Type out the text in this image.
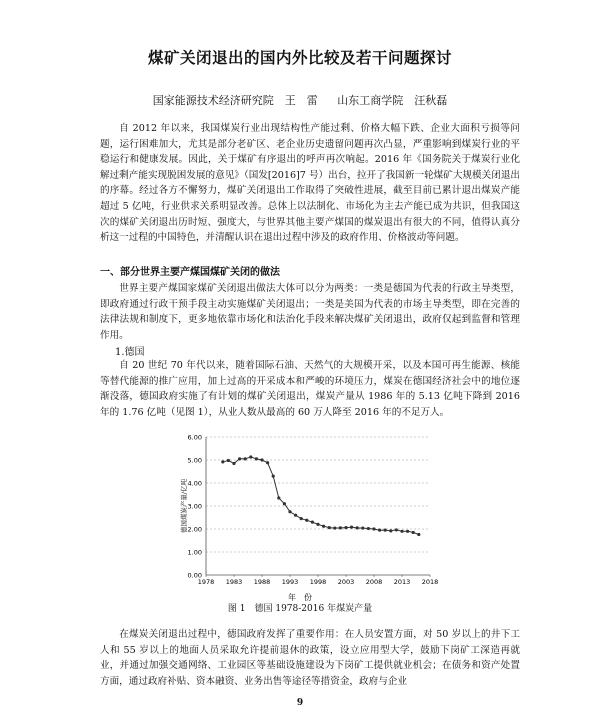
煤矿关闭退出的国内外比较及若干问题探讨
国家能源技术经济研究院　王　雷 山东工商学院　汪秋磊

自 2012 年以来，我国煤炭行业出现结构性产能过剩、价格大幅下跌、企业大面积亏损等问题，运行困难加大，尤其是部分老矿区、老企业历史遗留问题再次凸显，严重影响到煤炭行业的平稳运行和健康发展。因此，关于煤矿有序退出的呼声再次响起。2016 年《国务院关于煤炭行业化解过剩产能实现脱困发展的意见》（国发[2016]7 号）出台，拉开了我国新一轮煤矿大规模关闭退出的序幕。经过各方不懈努力，煤矿关闭退出工作取得了突破性进展，截至目前已累计退出煤炭产能超过 5 亿吨，行业供求关系明显改善。总体上以法制化、市场化为主去产能已成为共识，但我国这次的煤矿关闭退出历时短、强度大，与世界其他主要产煤国的煤炭退出有很大的不同，值得认真分析这一过程的中国特色，并清醒认识在退出过程中涉及的政府作用、价格波动等问题。

一、部分世界主要产煤国煤矿关闭的做法

世界主要产煤国家煤矿关闭退出做法大体可以分为两类：一类是德国为代表的行政主导类型，即政府通过行政干预手段主动实施煤矿关闭退出；一类是美国为代表的市场主导类型，即在完善的法律法规和制度下，更多地依靠市场化和法治化手段来解决煤矿关闭退出，政府仅起到监督和管理作用。

1.德国

自 20 世纪 70 年代以来，随着国际石油、天然气的大规模开采，以及本国可再生能源、核能等替代能源的推广应用，加上过高的开采成本和严峻的环境压力，煤炭在德国经济社会中的地位逐渐没落，德国政府实施了有计划的煤矿关闭退出，煤炭产量从 1986 年的 5.13 亿吨下降到 2016 年的 1.76 亿吨（见图 1），从业人数从最高的 60 万人降至 2016 年的不足万人。

0.00
1.00
2.00
3.00
4.00
5.00
6.00
1978 1983 1988 1993 1998 2003 2008 2013 2018
年　份
德国煤炭产量/亿吨
图 1　德国 1978-2016 年煤炭产量

在煤炭关闭退出过程中，德国政府发挥了重要作用：在人员安置方面，对 50 岁以上的井下工人和 55 岁以上的地面人员采取允许提前退休的政策，设立应用型大学，鼓励下岗矿工深造再就业，并通过加强交通网络、工业园区等基础设施建设为下岗矿工提供就业机会；在债务和资产处置方面，通过政府补贴、资本融资、业务出售等途径等措资金，政府与企业

9
